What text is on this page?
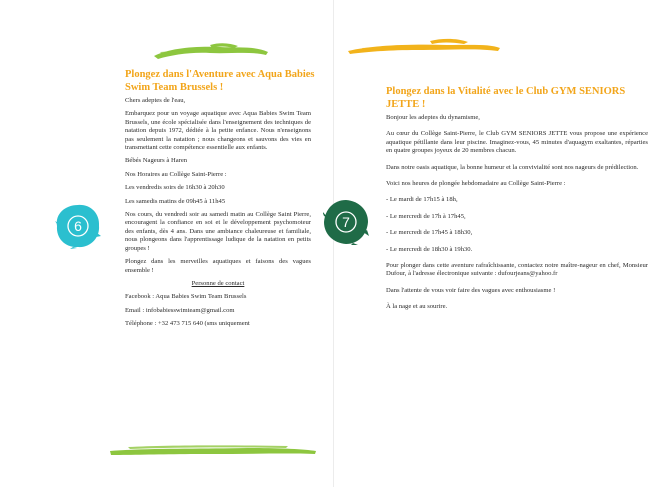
Plongez dans l'Aventure avec Aqua Babies Swim Team Brussels !

Chers adeptes de l'eau,

Embarquez pour un voyage aquatique avec Aqua Babies Swim Team Brussels, une école spécialisée dans l'enseignement des techniques de natation depuis 1972, dédiée à la petite enfance. Nous n'enseignons pas seulement la natation ; nous changeons et sauvons des vies en transmettant cette compétence essentielle aux enfants.

Bébés Nageurs à Haren

Nos Horaires au Collège Saint-Pierre :

Les vendredis soirs de 16h30 à 20h30

Les samedis matins de 09h45 à 11h45

Nos cours, du vendredi soir au samedi matin au Collège Saint Pierre, encouragent la confiance en soi et le développement psychomoteur des enfants, dès 4 ans. Dans une ambiance chaleureuse et familiale, nous plongeons dans l'apprentissage ludique de la natation en petits groupes !

Plongez dans les merveilles aquatiques et faisons des vagues ensemble !

Personne de contact

Facebook : Aqua Babies Swim Team Brussels

Email : infobabiesswimteam@gmail.com

Téléphone : +32 473 715 640 (sms uniquement

6
Plongez dans la Vitalité avec le Club GYM SENIORS JETTE !

Bonjour les adeptes du dynamisme,

Au cœur du Collège Saint-Pierre, le Club GYM SENIORS JETTE vous propose une expérience aquatique pétillante dans leur piscine. Imaginez-vous, 45 minutes d'aquagym exaltantes, réparties en quatre groupes joyeux de 20 membres chacun.

Dans notre oasis aquatique, la bonne humeur et la convivialité sont nos nageurs de prédilection.

Voici nos heures de plongée hebdomadaire au Collège Saint-Pierre :

- Le mardi de 17h15 à 18h,

- Le mercredi de 17h à 17h45,

- Le mercredi de 17h45 à 18h30,

- Le mercredi de 18h30 à 19h30.

Pour plonger dans cette aventure rafraîchissante, contactez notre maître-nageur en chef, Monsieur Dufour, à l'adresse électronique suivante : dufourjeans@yahoo.fr

Dans l'attente de vous voir faire des vagues avec enthousiasme !

À la nage et au sourire.

7
